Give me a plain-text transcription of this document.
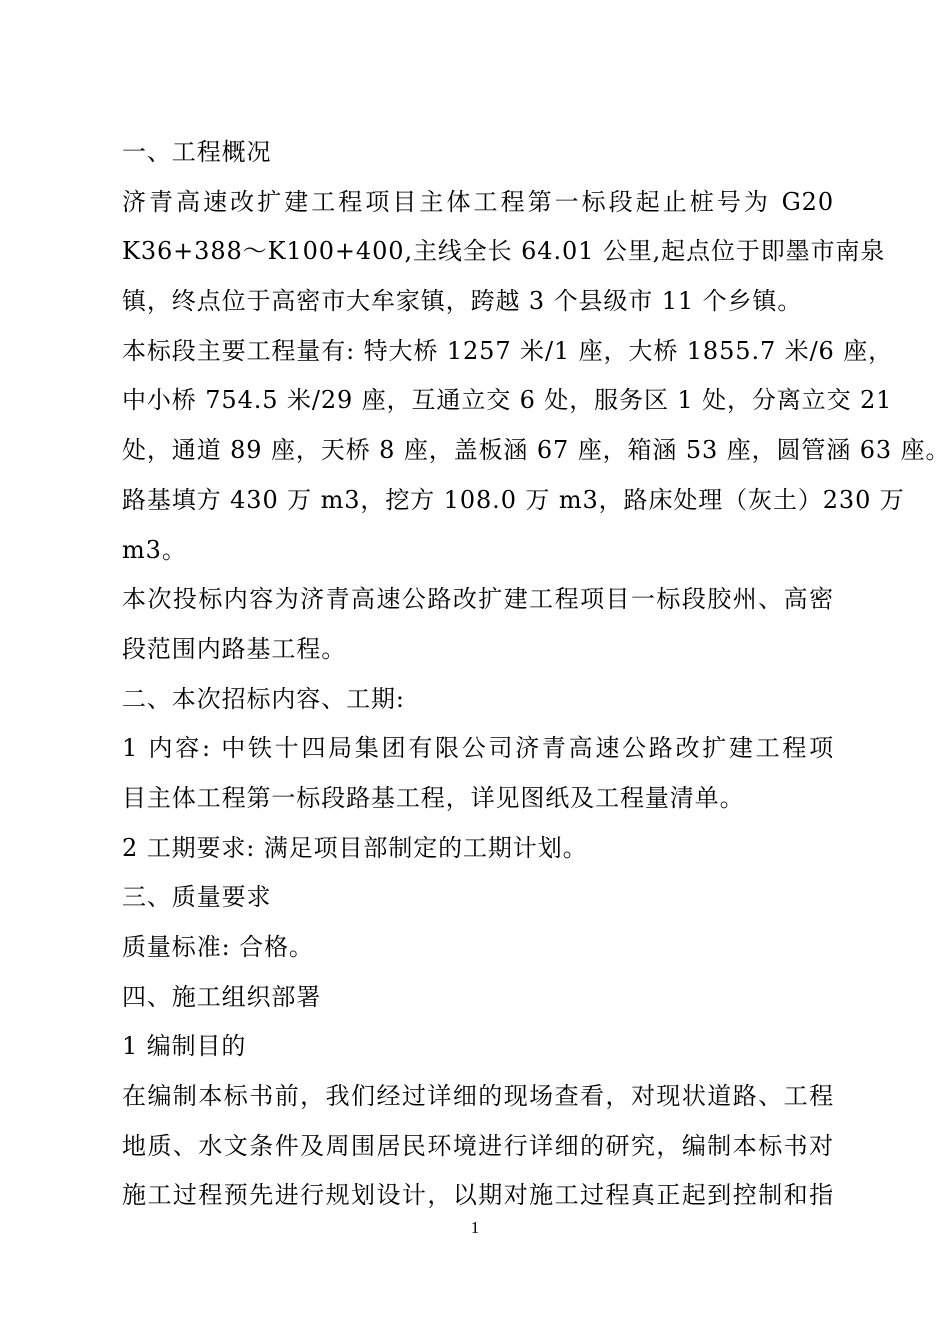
一、工程概况
济青高速改扩建工程项目主体工程第一标段起止桩号为 G20
K36+388～K100+400,主线全长 64.01 公里,起点位于即墨市南泉
镇，终点位于高密市大牟家镇，跨越 3 个县级市 11 个乡镇。
本标段主要工程量有: 特大桥 1257 米/1 座，大桥 1855.7 米/6 座，
中小桥 754.5 米/29 座，互通立交 6 处，服务区 1 处，分离立交 21
处，通道 89 座，天桥 8 座，盖板涵 67 座，箱涵 53 座，圆管涵 63 座。
路基填方 430 万 m3，挖方 108.0 万 m3，路床处理（灰土）230 万
m3。
本次投标内容为济青高速公路改扩建工程项目一标段胶州、高密
段范围内路基工程。
二、本次招标内容、工期:
1 内容: 中铁十四局集团有限公司济青高速公路改扩建工程项
目主体工程第一标段路基工程，详见图纸及工程量清单。
2 工期要求: 满足项目部制定的工期计划。
三、质量要求
质量标准: 合格。
四、施工组织部署
1 编制目的
在编制本标书前，我们经过详细的现场查看，对现状道路、工程
地质、水文条件及周围居民环境进行详细的研究，编制本标书对
施工过程预先进行规划设计，以期对施工过程真正起到控制和指
1
